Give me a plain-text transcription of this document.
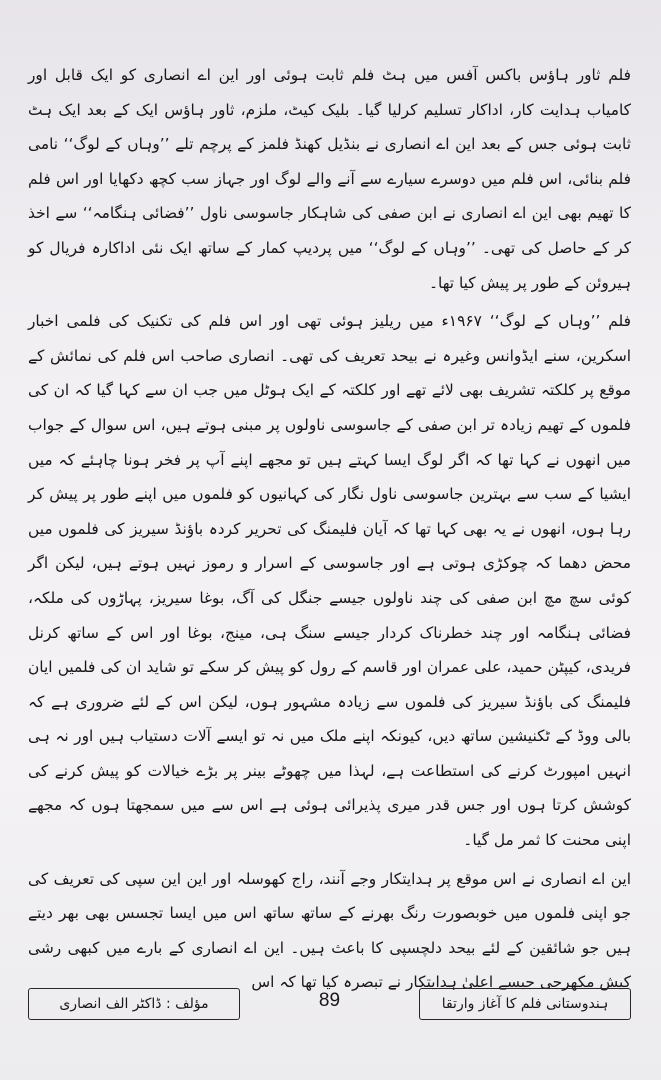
فلم ثاور ہاؤس باکس آفس میں ہٹ فلم ثابت ہوئی اور این اے انصاری کو ایک قابل اور کامیاب ہدایت کار، اداکار تسلیم کرلیا گیا۔ بلیک کیٹ، ملزم، ثاور ہاؤس ایک کے بعد ایک ہٹ ثابت ہوئی جس کے بعد این اے انصاری نے بنڈیل کھنڈ فلمز کے پرچم تلے ’’وہاں کے لوگ‘‘ نامی فلم بنائی، اس فلم میں دوسرے سیارے سے آنے والے لوگ اور جہاز سب کچھ دکھایا اور اس فلم کا تھیم بھی این اے انصاری نے ابن صفی کی شاہکار جاسوسی ناول ’’فضائی ہنگامہ‘‘ سے اخذ کر کے حاصل کی تھی۔ ’’وہاں کے لوگ‘‘ میں پردیپ کمار کے ساتھ ایک نئی اداکارہ فریال کو ہیروئن کے طور پر پیش کیا تھا۔

فلم ’’وہاں کے لوگ‘‘ ۱۹۶۷ء میں ریلیز ہوئی تھی اور اس فلم کی تکنیک کی فلمی اخبار اسکرین، سنے ایڈوانس وغیرہ نے بیحد تعریف کی تھی۔ انصاری صاحب اس فلم کی نمائش کے موقع پر کلکتہ تشریف بھی لائے تھے اور کلکتہ کے ایک ہوٹل میں جب ان سے کہا گیا کہ ان کی فلموں کے تھیم زیادہ تر ابن صفی کے جاسوسی ناولوں پر مبنی ہوتے ہیں، اس سوال کے جواب میں انھوں نے کہا تھا کہ اگر لوگ ایسا کہتے ہیں تو مجھے اپنے آپ پر فخر ہونا چاہئے کہ میں ایشیا کے سب سے بہترین جاسوسی ناول نگار کی کہانیوں کو فلموں میں اپنے طور پر پیش کر رہا ہوں، انھوں نے یہ بھی کہا تھا کہ آیان فلیمنگ کی تحریر کردہ باؤنڈ سیریز کی فلموں میں محض دھما کہ چوکڑی ہوتی ہے اور جاسوسی کے اسرار و رموز نہیں ہوتے ہیں، لیکن اگر کوئی سچ مچ ابن صفی کی چند ناولوں جیسے جنگل کی آگ، بوغا سیریز، پہاڑوں کی ملکہ، فضائی ہنگامہ اور چند خطرناک کردار جیسے سنگ ہی، مینج، بوغا اور اس کے ساتھ کرنل فریدی، کیپٹن حمید، علی عمران اور قاسم کے رول کو پیش کر سکے تو شاید ان کی فلمیں ایان فلیمنگ کی باؤنڈ سیریز کی فلموں سے زیادہ مشہور ہوں، لیکن اس کے لئے ضروری ہے کہ بالی ووڈ کے ٹکنیشین ساتھ دیں، کیونکہ اپنے ملک میں نہ تو ایسے آلات دستیاب ہیں اور نہ ہی انہیں امپورٹ کرنے کی استطاعت ہے، لہذا میں چھوٹے بینر پر بڑے خیالات کو پیش کرنے کی کوشش کرتا ہوں اور جس قدر میری پذیرائی ہوئی ہے اس سے میں سمجھتا ہوں کہ مجھے اپنی محنت کا ثمر مل گیا۔

این اے انصاری نے اس موقع پر ہدایتکار وجے آنند، راج کھوسلہ اور این این سپی کی تعریف کی جو اپنی فلموں میں خوبصورت رنگ بھرنے کے ساتھ ساتھ اس میں ایسا تجسس بھی بھر دیتے ہیں جو شائقین کے لئے بیحد دلچسپی کا باعث ہیں۔ این اے انصاری کے بارے میں کبھی رشی کیش مکھرجی جیسے اعلیٰ ہدایتکار نے تبصرہ کیا تھا کہ اس

ہندوستانی فلم کا آغاز وارتقا
89
مؤلف : ڈاکٹر الف انصاری
